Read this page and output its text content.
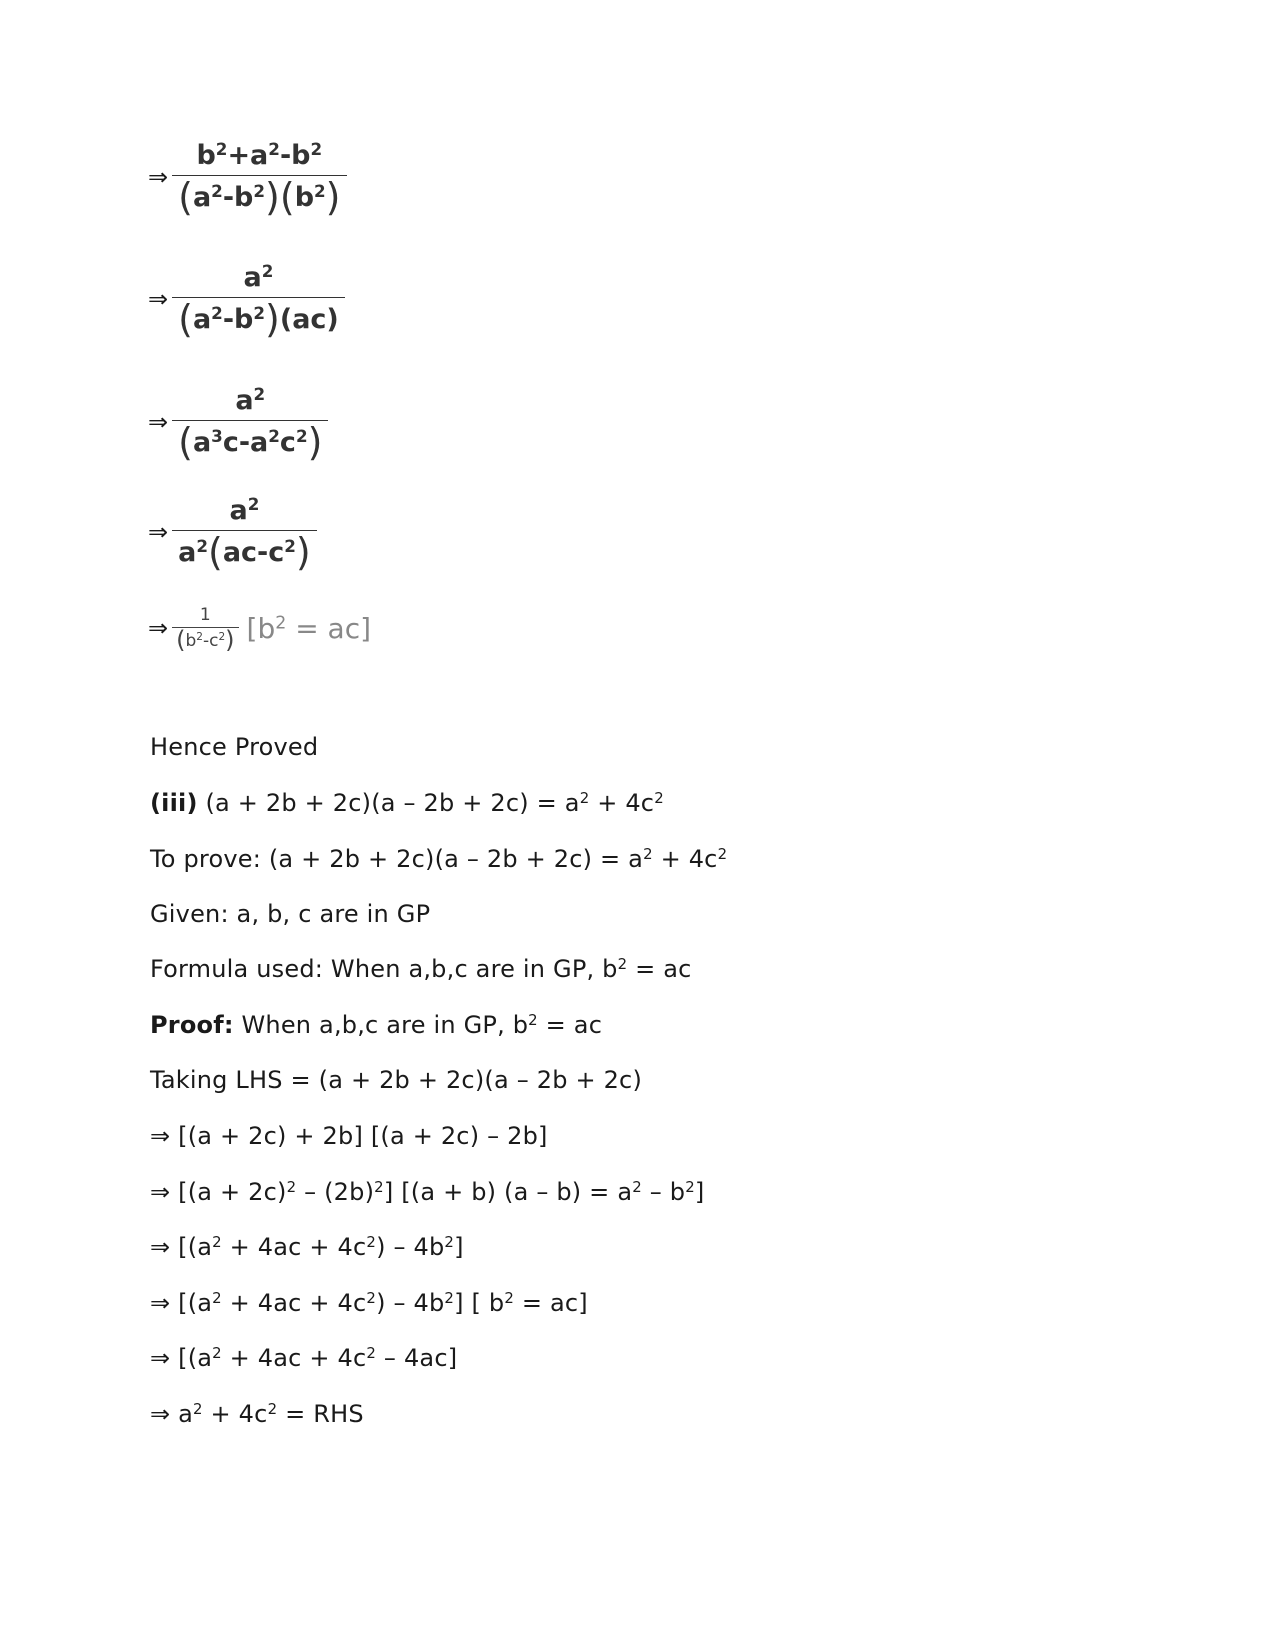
⇒ $\frac{b^2+a^2-b^2}{(a^2-b^2)(b^2)}$
⇒ $\frac{a^2}{(a^2-b^2)(ac)}$
⇒ $\frac{a^2}{(a^3c-a^2c^2)}$
⇒ $\frac{a^2}{a^2(ac-c^2)}$
⇒ $\frac{1}{(b^2-c^2)} [b^2 = ac]$
Hence Proved
(iii) $(a + 2b + 2c)(a - 2b + 2c) = a^2 + 4c^2$
To prove: $(a + 2b + 2c)(a - 2b + 2c) = a^2 + 4c^2$
Given: a, b, c are in GP
Formula used: When a,b,c are in GP, $b^2$ = ac
Proof: When a,b,c are in GP, $b^2$ = ac
Taking LHS = (a + 2b + 2c)(a – 2b + 2c)
⇒ [(a + 2c) + 2b] [(a + 2c) – 2b]
⇒ $[(a + 2c)^2 - (2b)^2]$ [(a + b) $(a - b) = a^2 - b^2$]
⇒ $[(a^2 + 4ac + 4c^2) - 4b^2]$
⇒ $[(a^2 + 4ac + 4c^2) - 4b^2]$ [ $b^2 = ac$]
⇒ [$(a^2 + 4ac + 4c^2 - 4ac]$
⇒ $a^2 + 4c^2$ = RHS
